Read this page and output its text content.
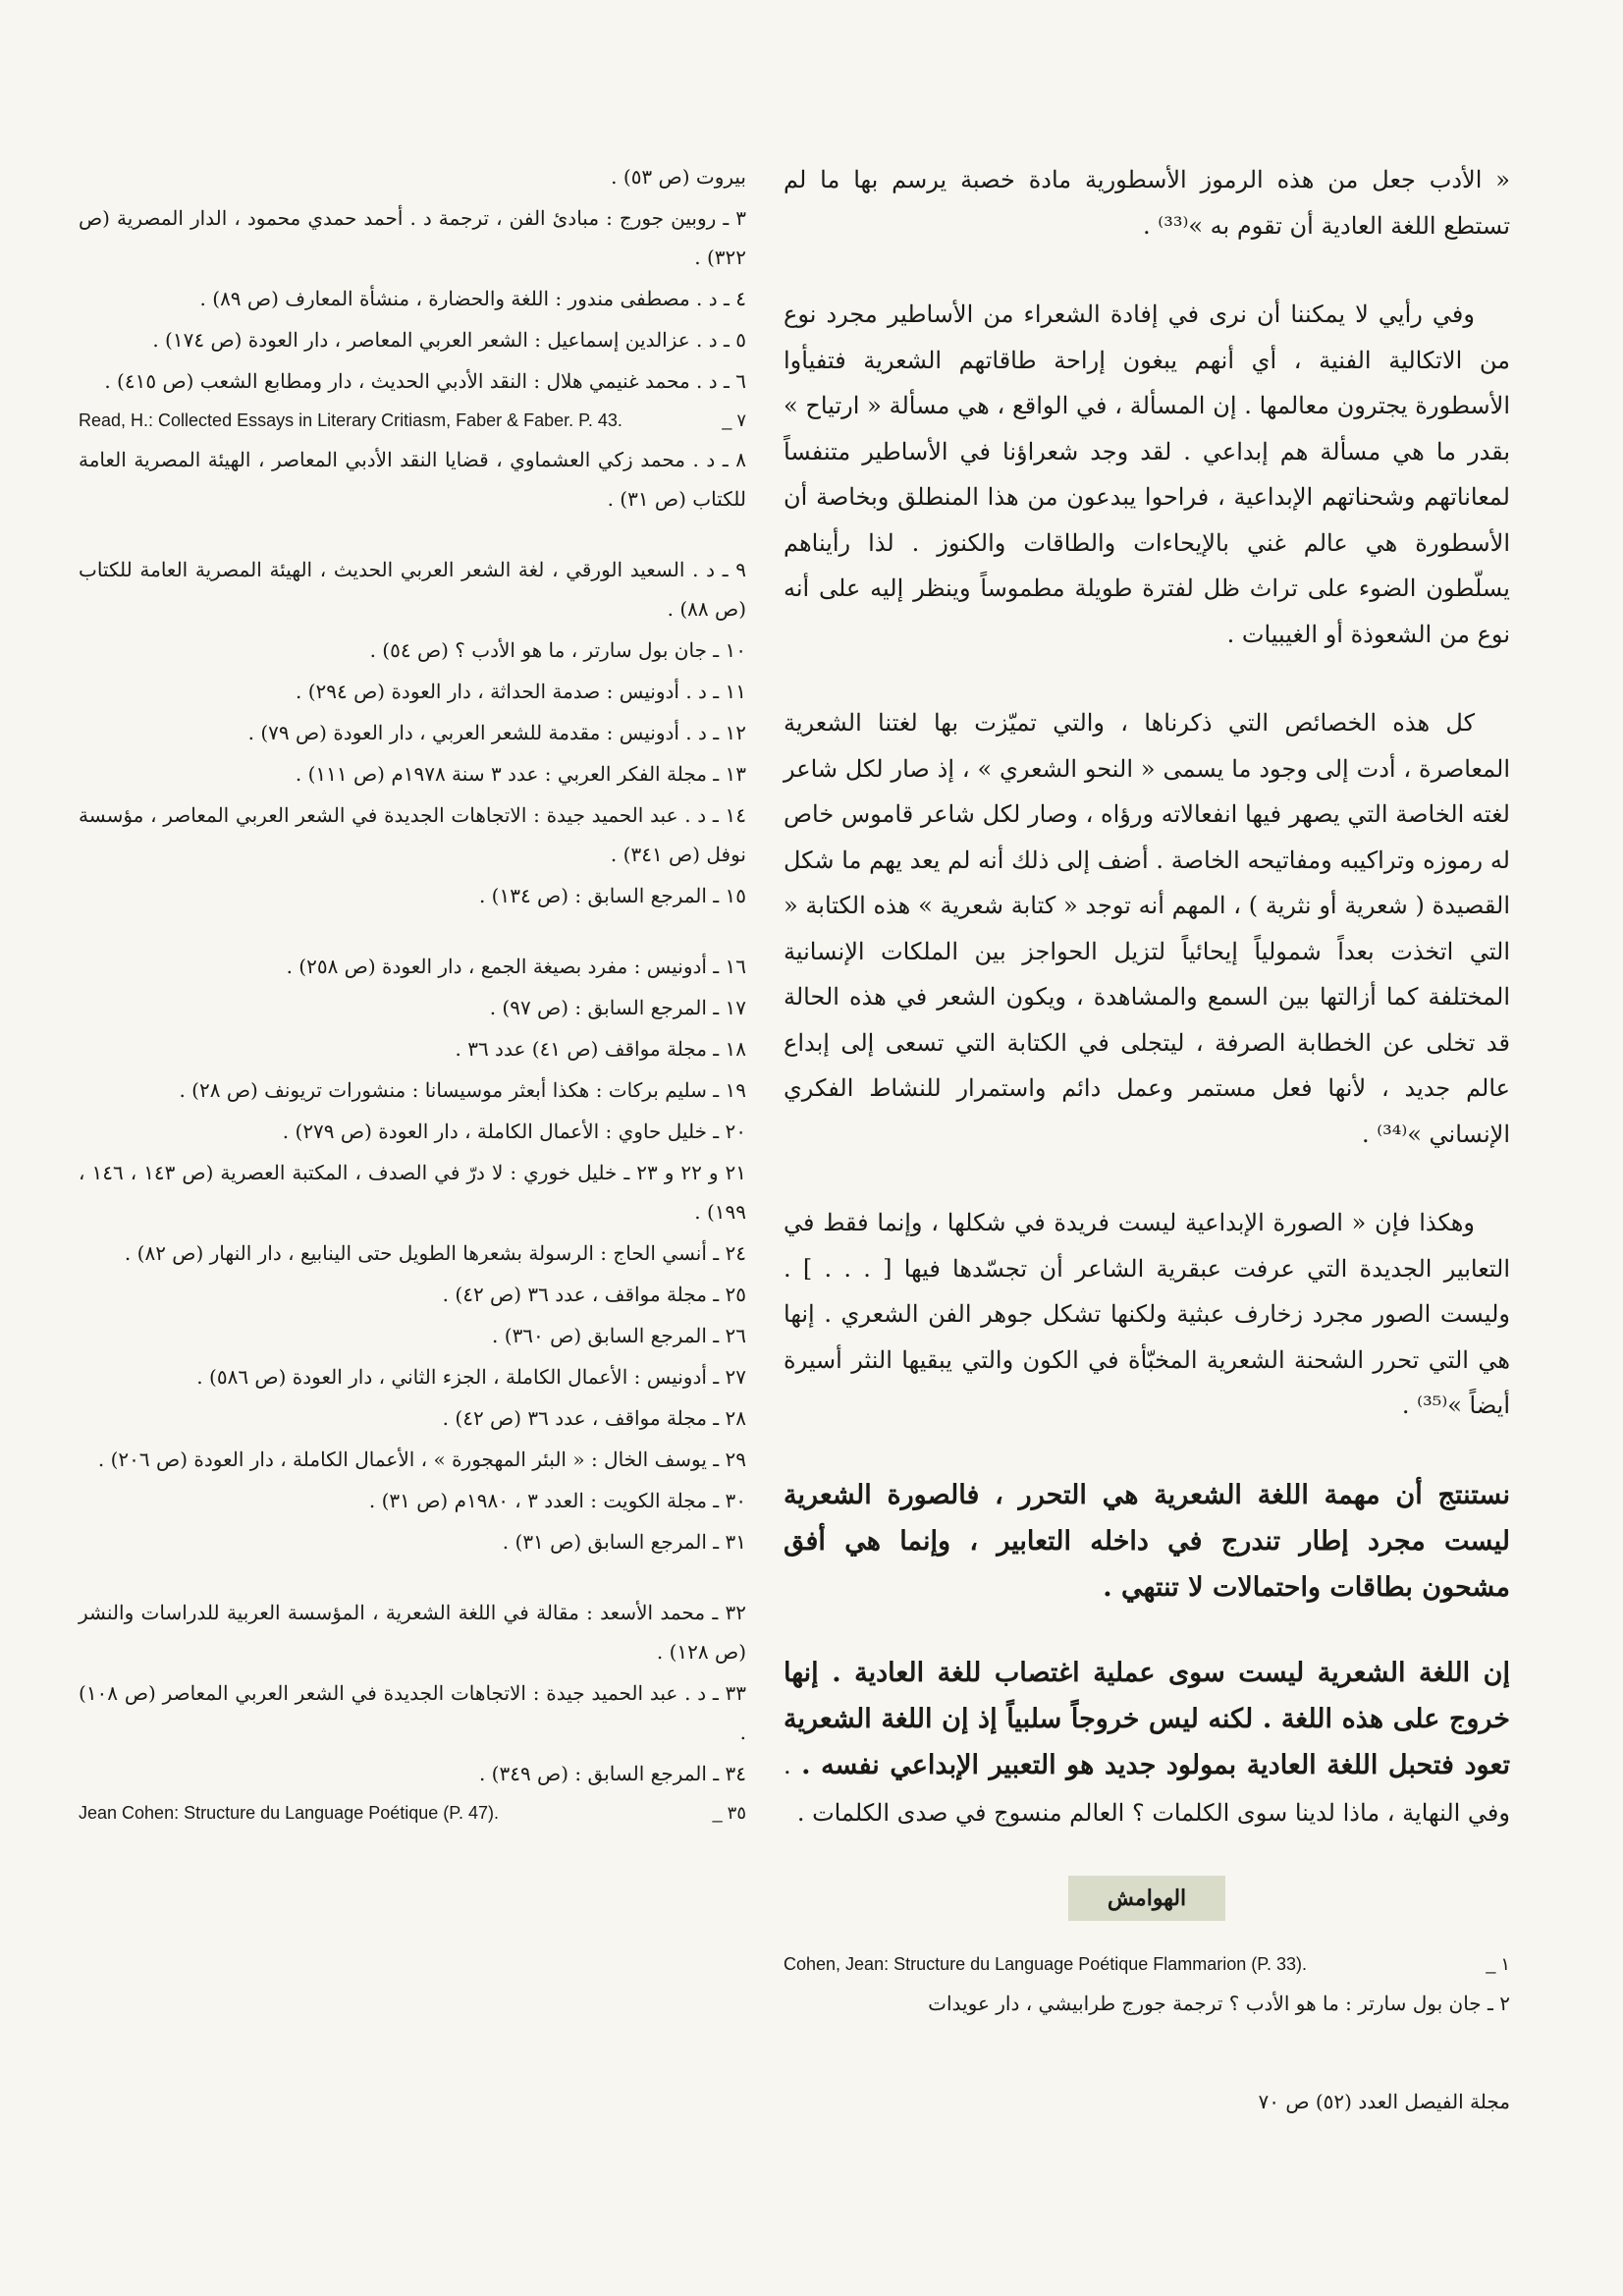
« الأدب جعل من هذه الرموز الأسطورية مادة خصبة يرسم بها ما لم تستطع اللغة العادية أن تقوم به »⁽³³⁾ .

وفي رأيي لا يمكننا أن نرى في إفادة الشعراء من الأساطير مجرد نوع من الاتكالية الفنية ، أي أنهم يبغون إراحة طاقاتهم الشعرية فتفيأوا الأسطورة يجترون معالمها . إن المسألة ، في الواقع ، هي مسألة « ارتياح » بقدر ما هي مسألة هم إبداعي . لقد وجد شعراؤنا في الأساطير متنفساً لمعاناتهم وشحناتهم الإبداعية ، فراحوا يبدعون من هذا المنطلق وبخاصة أن الأسطورة هي عالم غني بالإيحاءات والطاقات والكنوز . لذا رأيناهم يسلّطون الضوء على تراث ظل لفترة طويلة مطموساً وينظر إليه على أنه نوع من الشعوذة أو الغيبيات .

كل هذه الخصائص التي ذكرناها ، والتي تميّزت بها لغتنا الشعرية المعاصرة ، أدت إلى وجود ما يسمى « النحو الشعري » ، إذ صار لكل شاعر لغته الخاصة التي يصهر فيها انفعالاته ورؤاه ، وصار لكل شاعر قاموس خاص له رموزه وتراكيبه ومفاتيحه الخاصة . أضف إلى ذلك أنه لم يعد يهم ما شكل القصيدة ( شعرية أو نثرية ) ، المهم أنه توجد « كتابة شعرية » هذه الكتابة « التي اتخذت بعداً شمولياً إيحائياً لتزيل الحواجز بين الملكات الإنسانية المختلفة كما أزالتها بين السمع والمشاهدة ، ويكون الشعر في هذه الحالة قد تخلى عن الخطابة الصرفة ، ليتجلى في الكتابة التي تسعى إلى إبداع عالم جديد ، لأنها فعل مستمر وعمل دائم واستمرار للنشاط الفكري الإنساني »⁽³⁴⁾ .

وهكذا فإن « الصورة الإبداعية ليست فريدة في شكلها ، وإنما فقط في التعابير الجديدة التي عرفت عبقرية الشاعر أن تجسّدها فيها [ . . . ] . وليست الصور مجرد زخارف عبثية ولكنها تشكل جوهر الفن الشعري . إنها هي التي تحرر الشحنة الشعرية المخبّأة في الكون والتي يبقيها النثر أسيرة أيضاً »⁽³⁵⁾ .

نستنتج أن مهمة اللغة الشعرية هي التحرر ، فالصورة الشعرية ليست مجرد إطار تندرج في داخله التعابير ، وإنما هي أفق مشحون بطاقات واحتمالات لا تنتهي .

إن اللغة الشعرية ليست سوى عملية اغتصاب للغة العادية . إنها خروج على هذه اللغة . لكنه ليس خروجاً سلبياً إذ إن اللغة الشعرية تعود فتحبل اللغة العادية بمولود جديد هو التعبير الإبداعي نفسه . . وفي النهاية ، ماذا لدينا سوى الكلمات ؟ العالم منسوج في صدى الكلمات .

الهوامش

_ ١
Cohen, Jean: Structure du Language Poétique Flammarion (P. 33).

٢ ـ جان بول سارتر : ما هو الأدب ؟ ترجمة جورج طرابيشي ، دار عويدات

بيروت (ص ٥٣) .

٣ ـ روبين جورج : مبادئ الفن ، ترجمة د . أحمد حمدي محمود ، الدار المصرية (ص ٣٢٢) .

٤ ـ د . مصطفى مندور : اللغة والحضارة ، منشأة المعارف (ص ٨٩) .

٥ ـ د . عزالدين إسماعيل : الشعر العربي المعاصر ، دار العودة (ص ١٧٤) .

٦ ـ د . محمد غنيمي هلال : النقد الأدبي الحديث ، دار ومطابع الشعب (ص ٤١٥) .

_ ٧
Read, H.: Collected Essays in Literary Critiasm, Faber & Faber. P. 43.

٨ ـ د . محمد زكي العشماوي ، قضايا النقد الأدبي المعاصر ، الهيئة المصرية العامة للكتاب (ص ٣١) .

٩ ـ د . السعيد الورقي ، لغة الشعر العربي الحديث ، الهيئة المصرية العامة للكتاب (ص ٨٨) .

١٠ ـ جان بول سارتر ، ما هو الأدب ؟ (ص ٥٤) .

١١ ـ د . أدونيس : صدمة الحداثة ، دار العودة (ص ٢٩٤) .

١٢ ـ د . أدونيس : مقدمة للشعر العربي ، دار العودة (ص ٧٩) .

١٣ ـ مجلة الفكر العربي : عدد ٣ سنة ١٩٧٨م (ص ١١١) .

١٤ ـ د . عبد الحميد جيدة : الاتجاهات الجديدة في الشعر العربي المعاصر ، مؤسسة نوفل (ص ٣٤١) .

١٥ ـ المرجع السابق : (ص ١٣٤) .

١٦ ـ أدونيس : مفرد بصيغة الجمع ، دار العودة (ص ٢٥٨) .

١٧ ـ المرجع السابق : (ص ٩٧) .

١٨ ـ مجلة مواقف (ص ٤١) عدد ٣٦ .

١٩ ـ سليم بركات : هكذا أبعثر موسيسانا : منشورات تريونف (ص ٢٨) .

٢٠ ـ خليل حاوي : الأعمال الكاملة ، دار العودة (ص ٢٧٩) .

٢١ و ٢٢ و ٢٣ ـ خليل خوري : لا درّ في الصدف ، المكتبة العصرية (ص ١٤٣ ، ١٤٦ ، ١٩٩) .

٢٤ ـ أنسي الحاج : الرسولة بشعرها الطويل حتى الينابيع ، دار النهار (ص ٨٢) .

٢٥ ـ مجلة مواقف ، عدد ٣٦ (ص ٤٢) .

٢٦ ـ المرجع السابق (ص ٣٦٠) .

٢٧ ـ أدونيس : الأعمال الكاملة ، الجزء الثاني ، دار العودة (ص ٥٨٦) .

٢٨ ـ مجلة مواقف ، عدد ٣٦ (ص ٤٢) .

٢٩ ـ يوسف الخال : « البئر المهجورة » ، الأعمال الكاملة ، دار العودة (ص ٢٠٦) .

٣٠ ـ مجلة الكويت : العدد ٣ ، ١٩٨٠م (ص ٣١) .

٣١ ـ المرجع السابق (ص ٣١) .

٣٢ ـ محمد الأسعد : مقالة في اللغة الشعرية ، المؤسسة العربية للدراسات والنشر (ص ١٢٨) .

٣٣ ـ د . عبد الحميد جيدة : الاتجاهات الجديدة في الشعر العربي المعاصر (ص ١٠٨) .

٣٤ ـ المرجع السابق : (ص ٣٤٩) .

_ ٣٥
Jean Cohen: Structure du Language Poétique (P. 47).

مجلة الفيصل العدد (٥٢) ص ٧٠
